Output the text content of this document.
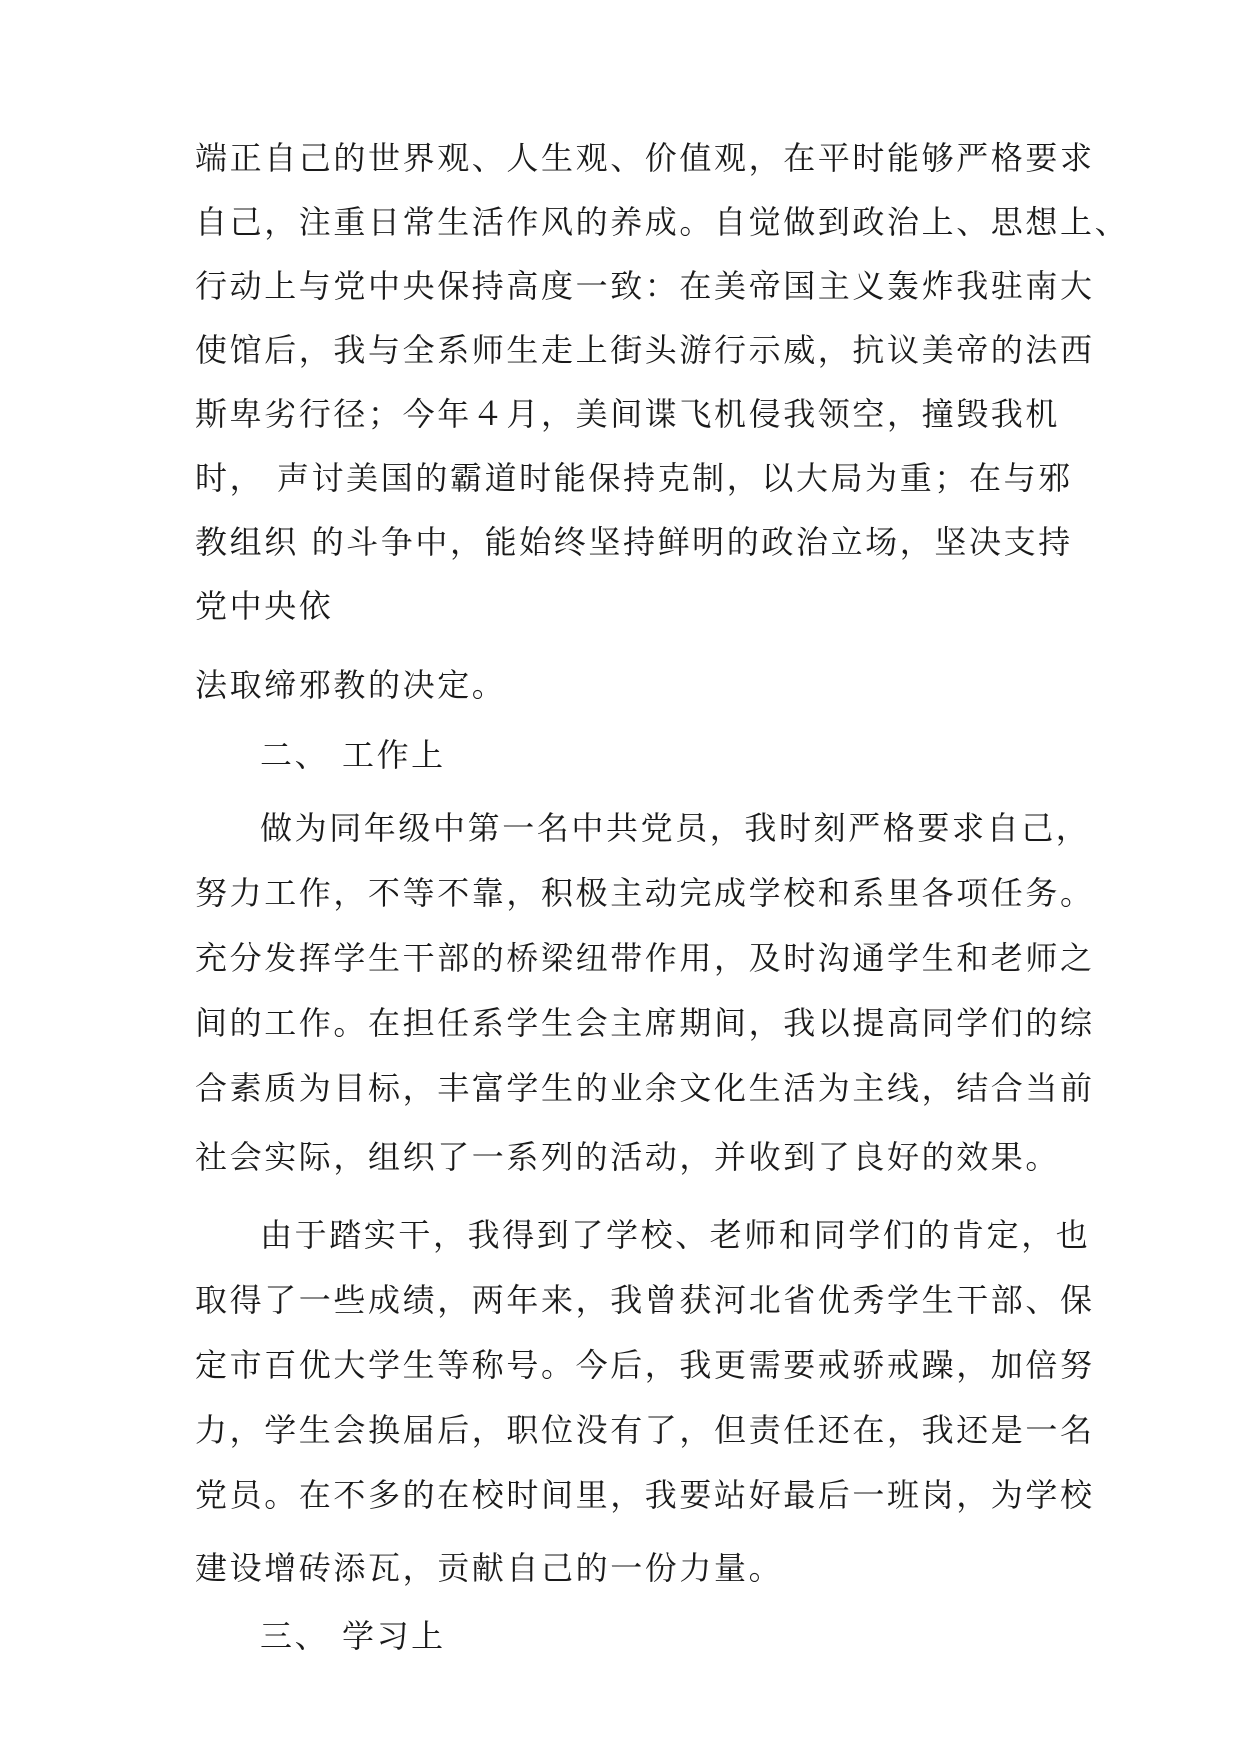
端正自己的世界观、人生观、价值观，在平时能够严格要求
自己，注重日常生活作风的养成。自觉做到政治上、思想上、
行动上与党中央保持高度一致：在美帝国主义轰炸我驻南大
使馆后，我与全系师生走上街头游行示威，抗议美帝的法西
斯卑劣行径；今年４月，美间谍飞机侵我领空，撞毁我机
时， 声讨美国的霸道时能保持克制，以大局为重；在与邪
教组织 的斗争中，能始终坚持鲜明的政治立场，坚决支持
党中央依
法取缔邪教的决定。
二、 工作上
做为同年级中第一名中共党员，我时刻严格要求自己，
努力工作，不等不靠，积极主动完成学校和系里各项任务。
充分发挥学生干部的桥梁纽带作用，及时沟通学生和老师之
间的工作。在担任系学生会主席期间，我以提高同学们的综
合素质为目标，丰富学生的业余文化生活为主线，结合当前
社会实际，组织了一系列的活动，并收到了良好的效果。
由于踏实干，我得到了学校、老师和同学们的肯定，也
取得了一些成绩，两年来，我曾获河北省优秀学生干部、保
定市百优大学生等称号。今后，我更需要戒骄戒躁，加倍努
力，学生会换届后，职位没有了，但责任还在，我还是一名
党员。在不多的在校时间里，我要站好最后一班岗，为学校
建设增砖添瓦，贡献自己的一份力量。
三、 学习上
